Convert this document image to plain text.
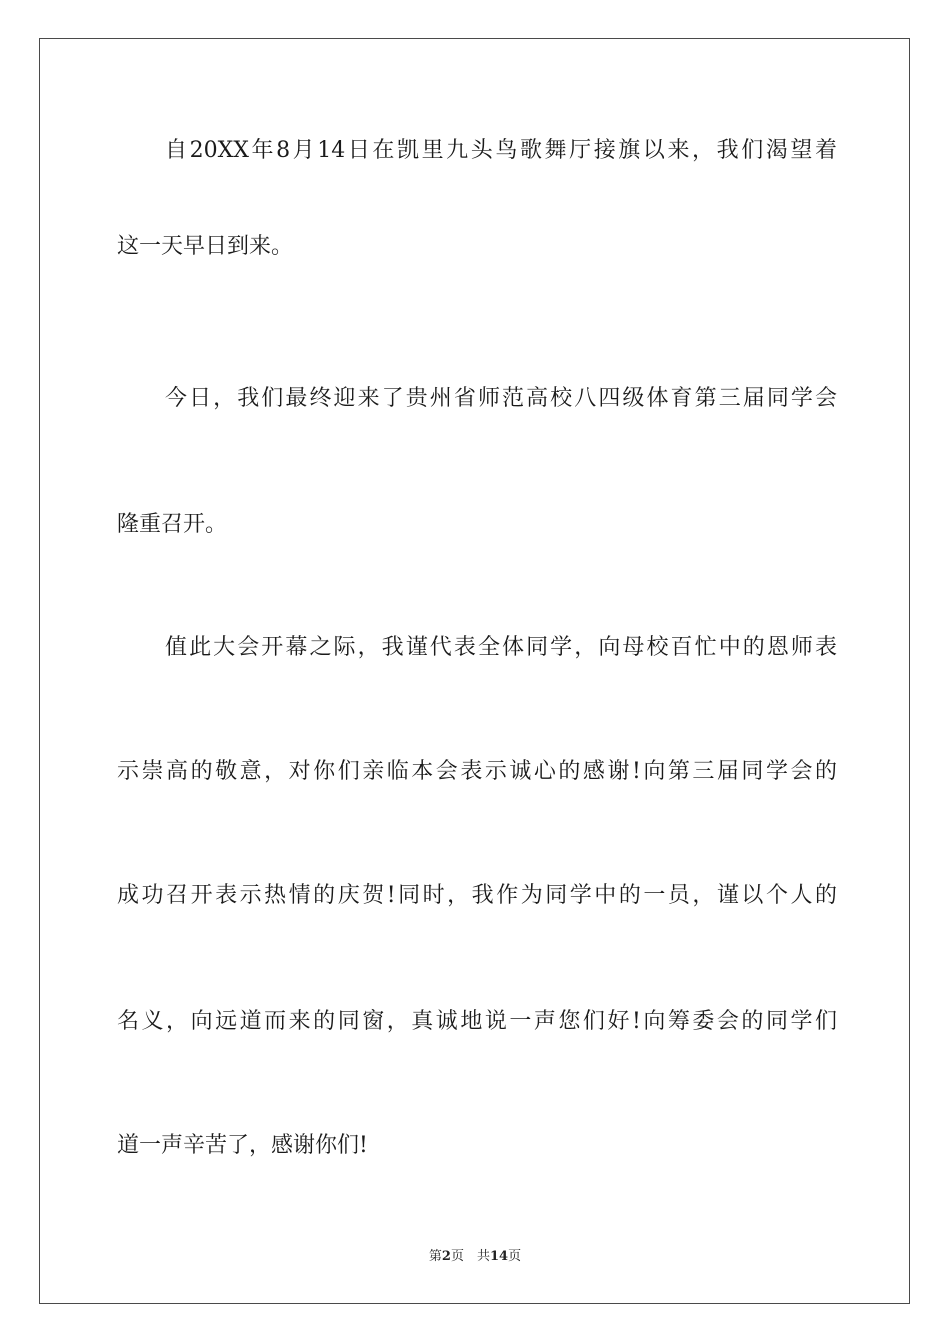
自20XX年8月14日在凯里九头鸟歌舞厅接旗以来，我们渴望着
这一天早日到来。
今日，我们最终迎来了贵州省师范高校八四级体育第三届同学会
隆重召开。
值此大会开幕之际，我谨代表全体同学，向母校百忙中的恩师表
示崇高的敬意，对你们亲临本会表示诚心的感谢!向第三届同学会的
成功召开表示热情的庆贺!同时，我作为同学中的一员，谨以个人的
名义，向远道而来的同窗，真诚地说一声您们好!向筹委会的同学们
道一声辛苦了，感谢你们!
第2页　共14页
